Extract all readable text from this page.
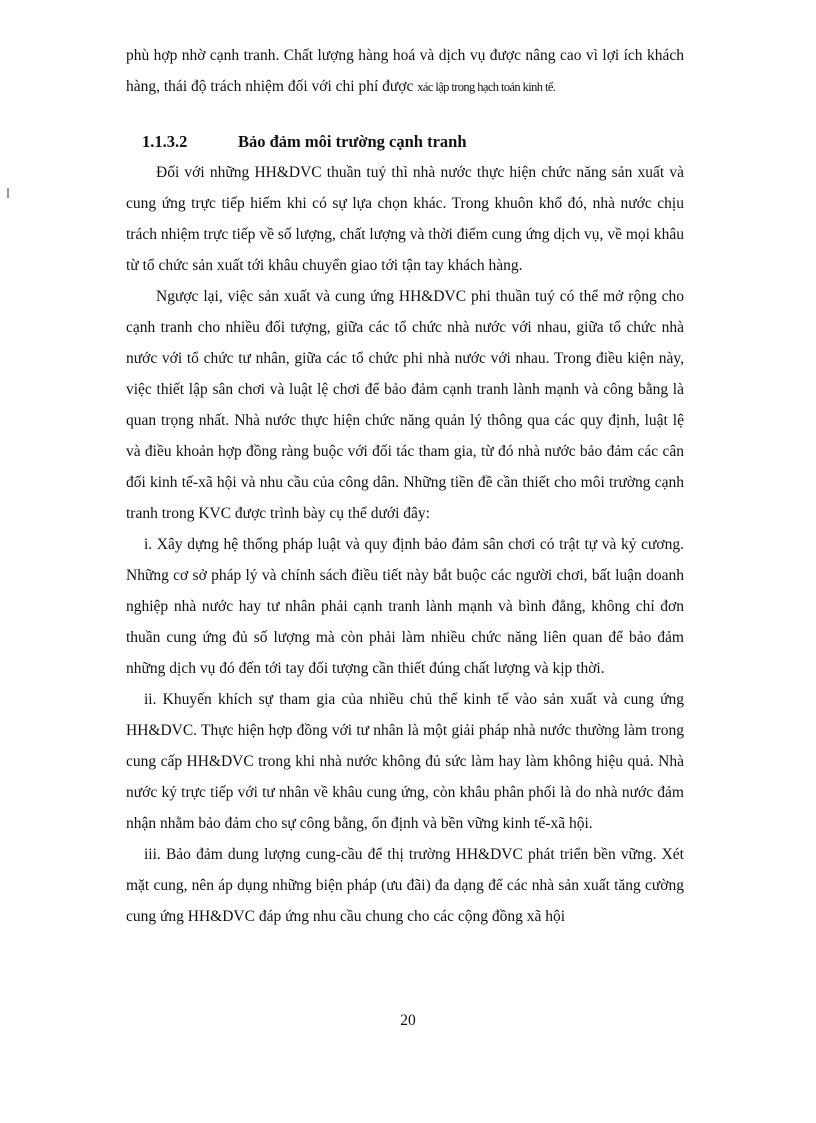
phù hợp nhờ cạnh tranh. Chất lượng hàng hoá và dịch vụ được nâng cao vì lợi ích khách hàng, thái độ trách nhiệm đối với chi phí được xác lập trong hạch toán kinh tế.

1.1.3.2	Bảo đảm môi trường cạnh tranh

Đối với những HH&DVC thuần tuý thì nhà nước thực hiện chức năng sản xuất và cung ứng trực tiếp hiếm khi có sự lựa chọn khác. Trong khuôn khổ đó, nhà nước chịu trách nhiệm trực tiếp về số lượng, chất lượng và thời điểm cung ứng dịch vụ, về mọi khâu từ tổ chức sản xuất tới khâu chuyển giao tới tận tay khách hàng.

Ngược lại, việc sản xuất và cung ứng HH&DVC phi thuần tuý có thể mở rộng cho cạnh tranh cho nhiều đối tượng, giữa các tổ chức nhà nước với nhau, giữa tổ chức nhà nước với tổ chức tư nhân, giữa các tổ chức phi nhà nước với nhau. Trong điều kiện này, việc thiết lập sân chơi và luật lệ chơi để bảo đảm cạnh tranh lành mạnh và công bằng là quan trọng nhất. Nhà nước thực hiện chức năng quản lý thông qua các quy định, luật lệ và điều khoản hợp đồng ràng buộc với đối tác tham gia, từ đó nhà nước bảo đảm các cân đối kinh tế-xã hội và nhu cầu của công dân. Những tiền đề cần thiết cho môi trường cạnh tranh trong KVC được trình bày cụ thể dưới đây:

i. Xây dựng hệ thống pháp luật và quy định bảo đảm sân chơi có trật tự và kỷ cương. Những cơ sở pháp lý và chính sách điều tiết này bắt buộc các người chơi, bất luận doanh nghiệp nhà nước hay tư nhân phải cạnh tranh lành mạnh và bình đẳng, không chỉ đơn thuần cung ứng đủ số lượng mà còn phải làm nhiều chức năng liên quan để bảo đảm những dịch vụ đó đến tới tay đối tượng cần thiết đúng chất lượng và kịp thời.

ii. Khuyến khích sự tham gia của nhiều chủ thể kinh tế vào sản xuất và cung ứng HH&DVC. Thực hiện hợp đồng với tư nhân là một giải pháp nhà nước thường làm trong cung cấp HH&DVC trong khi nhà nước không đủ sức làm hay làm không hiệu quả. Nhà nước ký trực tiếp với tư nhân về khâu cung ứng, còn khâu phân phối là do nhà nước đảm nhận nhằm bảo đảm cho sự công bằng, ổn định và bền vững kinh tế-xã hội.

iii. Bảo đảm dung lượng cung-cầu để thị trường HH&DVC phát triển bền vững. Xét mặt cung, nên áp dụng những biện pháp (ưu đãi) đa dạng để các nhà sản xuất tăng cường cung ứng HH&DVC đáp ứng nhu cầu chung cho các cộng đồng xã hội

20
